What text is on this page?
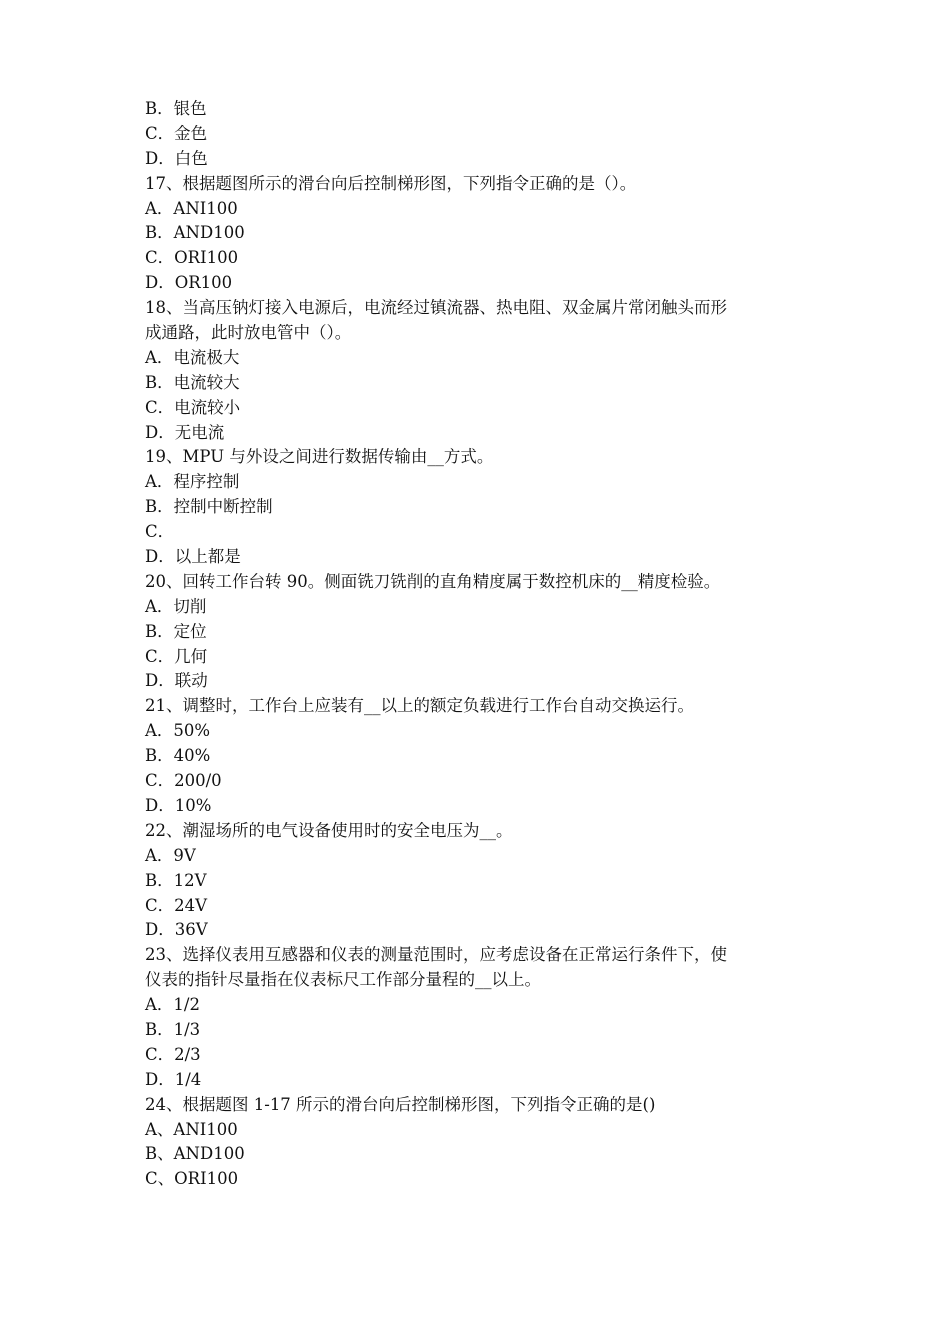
B．银色
C．金色
D．白色
17、根据题图所示的滑台向后控制梯形图，下列指令正确的是（）。
A．ANI100
B．AND100
C．ORI100
D．OR100
18、当高压钠灯接入电源后，电流经过镇流器、热电阻、双金属片常闭触头而形
成通路，此时放电管中（）。
A．电流极大
B．电流较大
C．电流较小
D．无电流
19、MPU 与外设之间进行数据传输由__方式。
A．程序控制
B．控制中断控制
C．
D．以上都是
20、回转工作台转 90。侧面铣刀铣削的直角精度属于数控机床的__精度检验。
A．切削
B．定位
C．几何
D．联动
21、调整时，工作台上应装有__以上的额定负载进行工作台自动交换运行。
A．50%
B．40%
C．200/0
D．10%
22、潮湿场所的电气设备使用时的安全电压为__。
A．9V
B．12V
C．24V
D．36V
23、选择仪表用互感器和仪表的测量范围时，应考虑设备在正常运行条件下，使
仪表的指针尽量指在仪表标尺工作部分量程的__以上。
A．1/2
B．1/3
C．2/3
D．1/4
24、根据题图 1-17 所示的滑台向后控制梯形图，下列指令正确的是()
A、ANI100
B、AND100
C、ORI100
